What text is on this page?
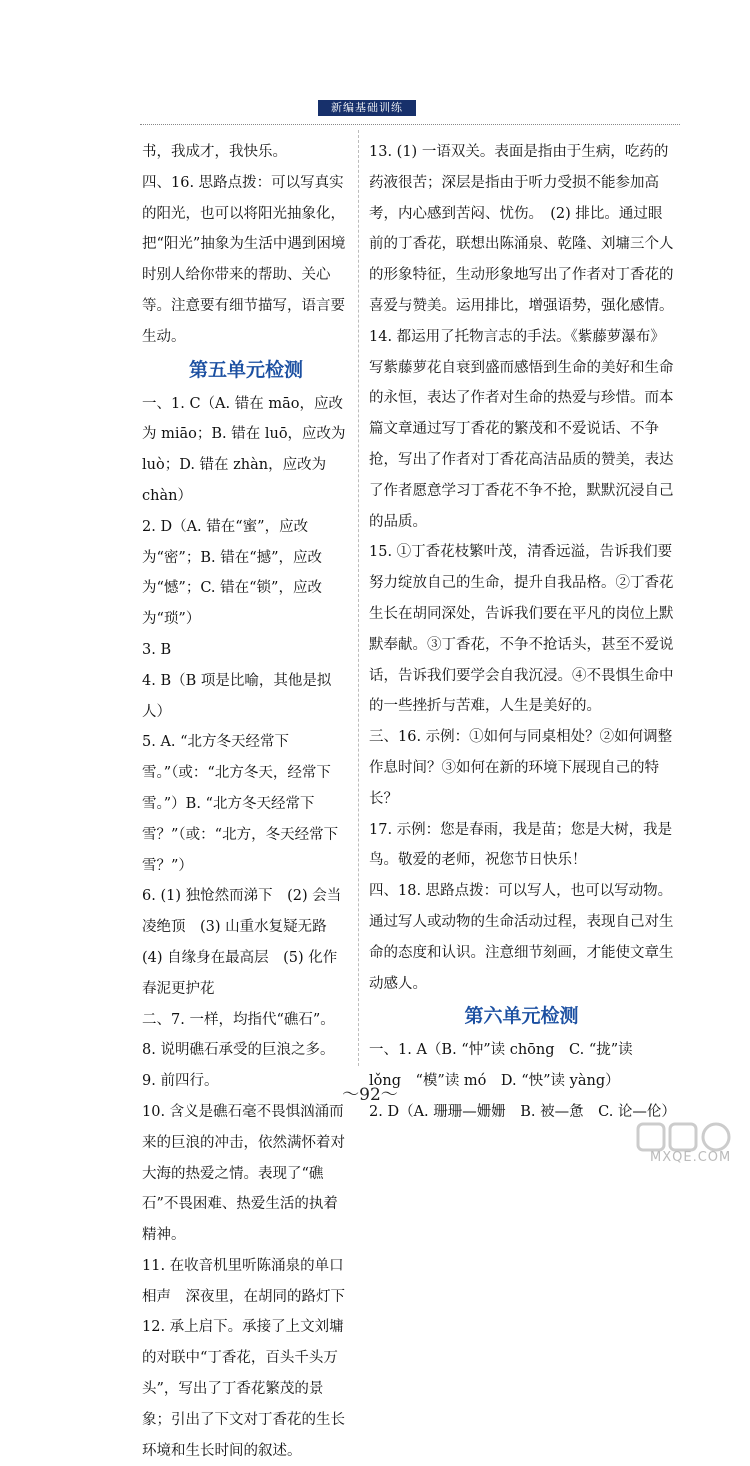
新编基础训练

书，我成才，我快乐。

四、16. 思路点拨：可以写真实的阳光，也可以将阳光抽象化，把“阳光”抽象为生活中遇到困境时别人给你带来的帮助、关心等。注意要有细节描写，语言要生动。

第五单元检测

一、1. C（A. 错在 māo，应改为 miāo；B. 错在 luō，应改为 luò；D. 错在 zhàn，应改为 chàn）

2. D（A. 错在“蜜”，应改为“密”；B. 错在“撼”，应改为“憾”；C. 错在“锁”，应改为“琐”）

3. B

4. B（B 项是比喻，其他是拟人）

5. A. “北方冬天经常下雪。”（或：“北方冬天，经常下雪。”）B. “北方冬天经常下雪？”（或：“北方，冬天经常下雪？”）

6. (1) 独怆然而涕下　(2) 会当凌绝顶　(3) 山重水复疑无路　(4) 自缘身在最高层　(5) 化作春泥更护花

二、7. 一样，均指代“礁石”。

8. 说明礁石承受的巨浪之多。

9. 前四行。

10. 含义是礁石毫不畏惧汹涌而来的巨浪的冲击，依然满怀着对大海的热爱之情。表现了“礁石”不畏困难、热爱生活的执着精神。

11. 在收音机里听陈涌泉的单口相声　深夜里，在胡同的路灯下

12. 承上启下。承接了上文刘墉的对联中“丁香花，百头千头万头”，写出了丁香花繁茂的景象；引出了下文对丁香花的生长环境和生长时间的叙述。

13. (1) 一语双关。表面是指由于生病，吃药的药液很苦；深层是指由于听力受损不能参加高考，内心感到苦闷、忧伤。　(2) 排比。通过眼前的丁香花，联想出陈涌泉、乾隆、刘墉三个人的形象特征，生动形象地写出了作者对丁香花的喜爱与赞美。运用排比，增强语势，强化感情。

14. 都运用了托物言志的手法。《紫藤萝瀑布》写紫藤萝花自衰到盛而感悟到生命的美好和生命的永恒，表达了作者对生命的热爱与珍惜。而本篇文章通过写丁香花的繁茂和不爱说话、不争抢，写出了作者对丁香花高洁品质的赞美，表达了作者愿意学习丁香花不争不抢，默默沉浸自己的品质。

15. ①丁香花枝繁叶茂，清香远溢，告诉我们要努力绽放自己的生命，提升自我品格。②丁香花生长在胡同深处，告诉我们要在平凡的岗位上默默奉献。③丁香花，不争不抢话头，甚至不爱说话，告诉我们要学会自我沉浸。④不畏惧生命中的一些挫折与苦难，人生是美好的。

三、16. 示例：①如何与同桌相处？②如何调整作息时间？③如何在新的环境下展现自己的特长？

17. 示例：您是春雨，我是苗；您是大树，我是鸟。敬爱的老师，祝您节日快乐！

四、18. 思路点拨：可以写人，也可以写动物。通过写人或动物的生命活动过程，表现自己对生命的态度和认识。注意细节刻画，才能使文章生动感人。

第六单元检测

一、1. A（B. “忡”读 chōng　C. “拢”读 lǒng　“模”读 mó　D. “怏”读 yàng）

2. D（A. 珊珊—姗姗　B. 被—惫　C. 论—伦）

～92～
MXQE.COM
